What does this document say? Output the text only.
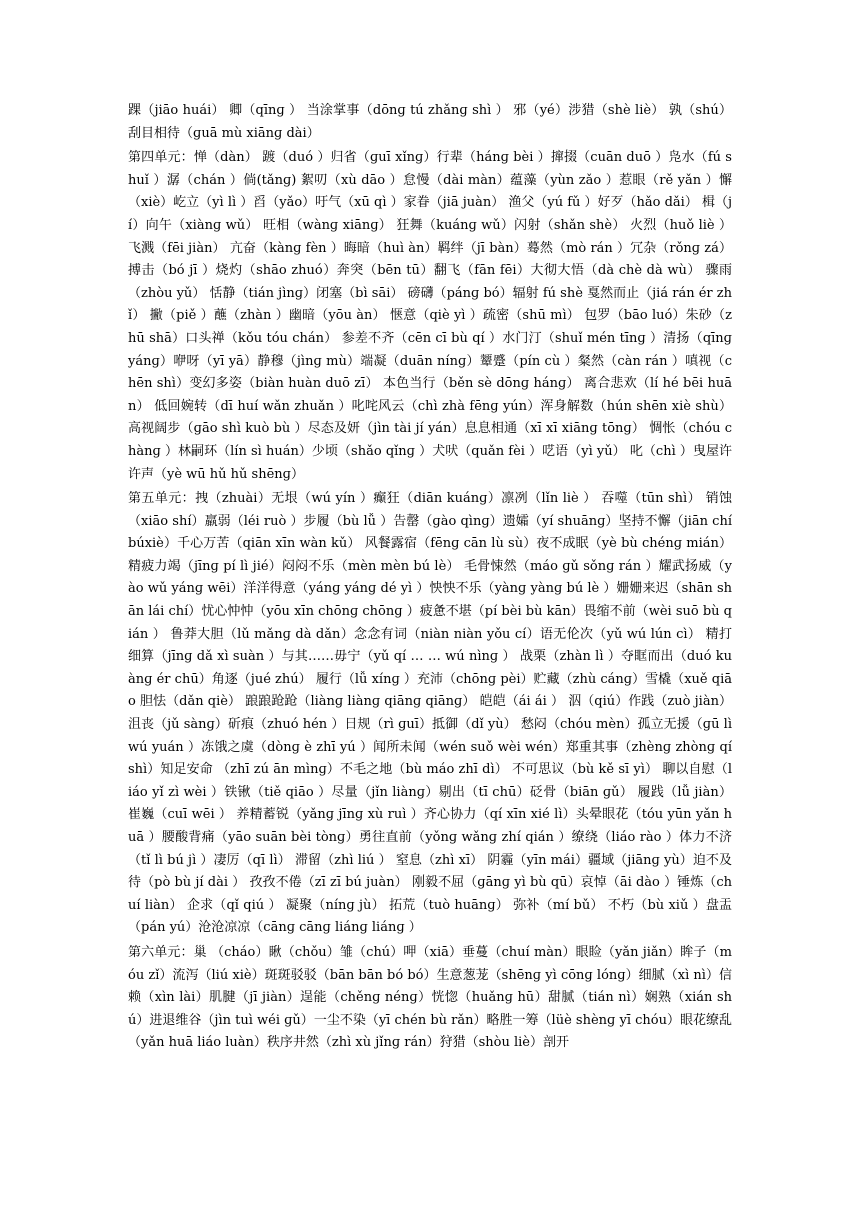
踝（jiāo huái） 卿（qīnɡ ） 当涂掌事（dōnɡ tú zhǎnɡ shì ） 邪（yé）涉猎（shè liè） 孰（shú） 刮目相待（ɡuā mù xiānɡ dài）

第四单元：惮（dàn） 踱（duó ）归省（ɡuī xǐnɡ）行辈（hánɡ bèi ）撺掇（cuān duō ）凫水（fú shuǐ ）潺（chán ）倘(tǎnɡ) 絮叨（xù dāo ）怠慢（dài màn）蕴藻（yùn zǎo ）惹眼（rě yǎn ）懈（xiè）屹立（yì lì ）舀（yǎo）吁气（xū qì ）家眷（jiā juàn） 渔父（yú fǔ ）好歹（hǎo dǎi） 楫（jí）向午（xiànɡ wǔ） 旺相（wànɡ xiānɡ） 狂舞（kuánɡ wǔ）闪射（shǎn shè） 火烈（huǒ liè ）飞溅（fēi jiàn） 亢奋（kànɡ fèn ）晦暗（huì àn）羁绊（jī bàn）蓦然（mò rán ）冗杂（rǒnɡ zá）搏击（bó jī ）烧灼（shāo zhuó）奔突（bēn tū）翻飞（fān fēi）大彻大悟（dà chè dà wù） 骤雨（zhòu yǔ） 恬静（tián jìnɡ）闭塞（bì sāi） 磅礴（pánɡ bó）辐射 fú shè 戛然而止（jiá rán ér zhǐ） 撇（piě ）蘸（zhàn ）幽暗（yōu àn） 惬意（qiè yì ）疏密（shū mì） 包罗（bāo luó）朱砂（zhū shā）口头禅（kǒu tóu chán） 参差不齐（cēn cī bù qí ）水门汀（shuǐ mén tīnɡ ）清扬（qīnɡ yánɡ）咿呀（yī yā）静穆（jìnɡ mù）端凝（duān nínɡ）颦蹙（pín cù ）粲然（càn rán ）嗔视（chēn shì）变幻多姿（biàn huàn duō zī） 本色当行（běn sè dōnɡ hánɡ） 离合悲欢（lí hé bēi huān） 低回婉转（dī huí wǎn zhuǎn ）叱咤风云（chì zhà fēnɡ yún）浑身解数（hún shēn xiè shù）高视阔步（ɡāo shì kuò bù ）尽态及妍（jìn tài jí yán）息息相通（xī xī xiānɡ tōnɡ） 惆怅（chóu chànɡ ）林嗣环（lín sì huán）少顷（shǎo qǐnɡ ）犬吠（quǎn fèi ）呓语（yì yǔ） 叱（chì ）曳屋许许声（yè wū hǔ hǔ shēnɡ）

第五单元：拽（zhuài）无垠（wú yín ）癫狂（diān kuánɡ）凛冽（lǐn liè ） 吞噬（tūn shì） 销蚀（xiāo shí）羸弱（léi ruò ）步履（bù lǚ ）告罄（ɡào qìnɡ）遗孀（yí shuānɡ）坚持不懈（jiān chí búxiè）千心万苦（qiān xīn wàn kǔ） 风餐露宿（fēnɡ cān lù sù）夜不成眠（yè bù chénɡ mián）精疲力竭（jīnɡ pí lì jié）闷闷不乐（mèn mèn bú lè） 毛骨悚然（máo ɡǔ sǒnɡ rán ）耀武扬威（yào wǔ yánɡ wēi）洋洋得意（yánɡ yánɡ dé yì ）怏怏不乐（yànɡ yànɡ bú lè ）姗姗来迟（shān shān lái chí）忧心忡忡（yōu xīn chōnɡ chōnɡ ）疲惫不堪（pí bèi bù kān）畏缩不前（wèi suō bù qián ） 鲁莽大胆（lǔ mǎnɡ dà dǎn）念念有词（niàn niàn yǒu cí）语无伦次（yǔ wú lún cì） 精打细算（jīnɡ dǎ xì suàn ）与其……毋宁（yǔ qí … … wú nìnɡ ） 战栗（zhàn lì ）夺眶而出（duó kuànɡ ér chū）角逐（jué zhú） 履行（lǚ xínɡ ）充沛（chōnɡ pèi）贮藏（zhù cánɡ）雪橇（xuě qiāo 胆怯（dǎn qiè） 踉踉跄跄（liànɡ liànɡ qiānɡ qiānɡ） 皑皑（ái ái ） 泅（qiú）作践（zuò jiàn） 沮丧（jǔ sànɡ）斫痕（zhuó hén ）日规（rì ɡuī）抵御（dǐ yù） 愁闷（chóu mèn）孤立无援（ɡū lì wú yuán ）冻饿之虞（dònɡ è zhī yú ）闻所未闻（wén suǒ wèi wén）郑重其事（zhènɡ zhònɡ qí shì）知足安命 （zhī zú ān mìnɡ）不毛之地（bù máo zhī dì） 不可思议（bù kě sī yì） 聊以自慰（liáo yǐ zì wèi ）铁锹（tiě qiāo ）尽量（jǐn liànɡ）剔出（tī chū）砭骨（biān ɡǔ） 履践（lǚ jiàn） 崔巍（cuī wēi ） 养精蓄锐（yǎnɡ jīnɡ xù ruì ）齐心协力（qí xīn xié lì）头晕眼花（tóu yūn yǎn huā ）腰酸背痛（yāo suān bèi tònɡ）勇往直前（yǒnɡ wǎnɡ zhí qián ）缭绕（liáo rào ）体力不济（tǐ lì bú jì ）凄厉（qī lì） 滞留（zhì liú ） 窒息（zhì xī） 阴霾（yīn mái）疆域（jiānɡ yù）迫不及待（pò bù jí dài ） 孜孜不倦（zī zī bú juàn） 刚毅不屈（ɡānɡ yì bù qū）哀悼（āi dào ）锤炼（chuí liàn） 企求（qǐ qiú ） 凝聚（nínɡ jù） 拓荒（tuò huānɡ） 弥补（mí bǔ） 不朽（bù xiǔ ）盘盂（pán yú）沧沧凉凉（cānɡ cānɡ liánɡ liánɡ ）

第六单元：巢 （cháo）瞅（chǒu）雏（chú）呷（xiā）垂蔓（chuí màn）眼睑（yǎn jiǎn）眸子（móu zǐ）流泻（liú xiè）斑斑驳驳（bān bān bó bó）生意葱茏（shēnɡ yì cōnɡ lónɡ）细腻（xì nì）信赖（xìn lài）肌腱（jī jiàn）逞能（chěnɡ nénɡ）恍惚（huǎnɡ hū）甜腻（tián nì）娴熟（xián shú）进退维谷（jìn tuì wéi ɡǔ）一尘不染（yī chén bù rǎn）略胜一筹（lüè shènɡ yī chóu）眼花缭乱（yǎn huā liáo luàn）秩序井然（zhì xù jǐnɡ rán）狩猎（shòu liè）剖开
